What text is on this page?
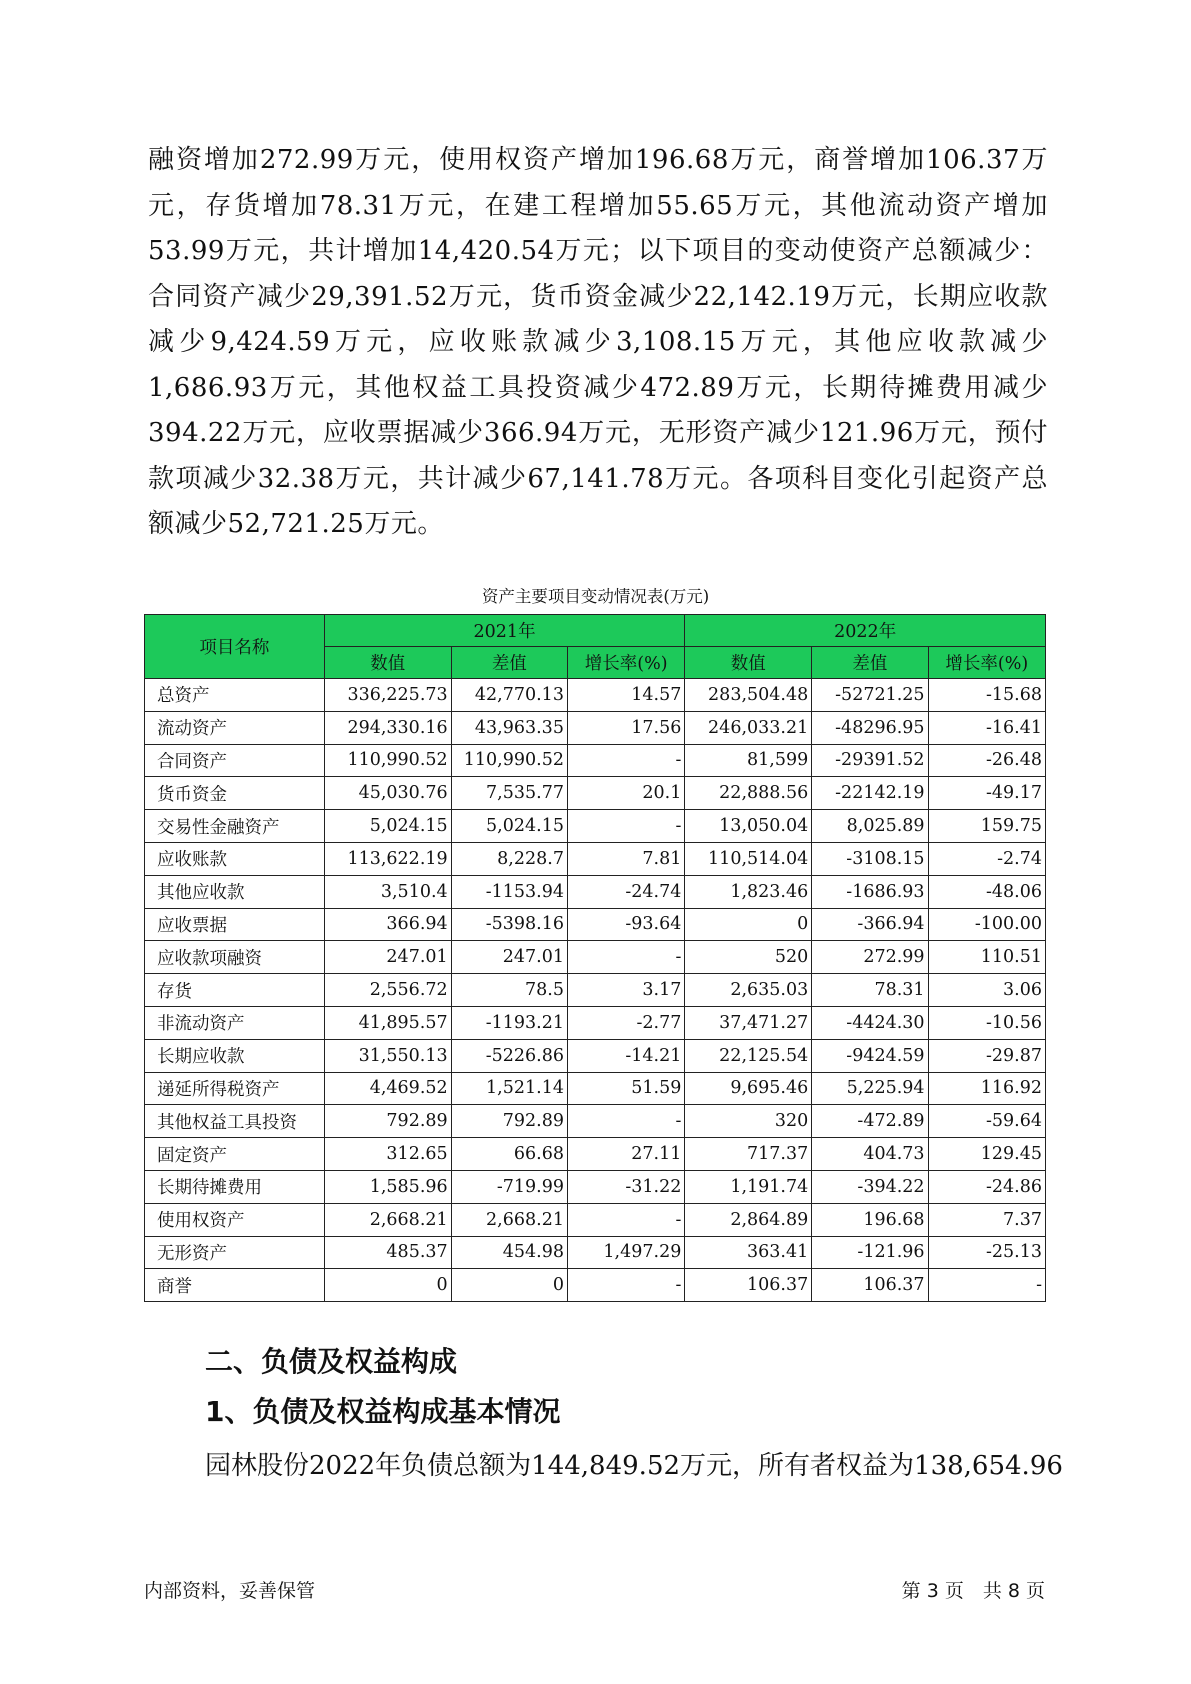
融资增加272.99万元，使用权资产增加196.68万元，商誉增加106.37万元，存货增加78.31万元，在建工程增加55.65万元，其他流动资产增加53.99万元，共计增加14,420.54万元；以下项目的变动使资产总额减少：合同资产减少29,391.52万元，货币资金减少22,142.19万元，长期应收款减少9,424.59万元，应收账款减少3,108.15万元，其他应收款减少1,686.93万元，其他权益工具投资减少472.89万元，长期待摊费用减少394.22万元，应收票据减少366.94万元，无形资产减少121.96万元，预付款项减少32.38万元，共计减少67,141.78万元。各项科目变化引起资产总额减少52,721.25万元。

资产主要项目变动情况表(万元)
项目名称	2021年			2022年		
	数值	差值	增长率(%)	数值	差值	增长率(%)
总资产	336,225.73	42,770.13	14.57	283,504.48	-52721.25	-15.68
流动资产	294,330.16	43,963.35	17.56	246,033.21	-48296.95	-16.41
合同资产	110,990.52	110,990.52	-	81,599	-29391.52	-26.48
货币资金	45,030.76	7,535.77	20.1	22,888.56	-22142.19	-49.17
交易性金融资产	5,024.15	5,024.15	-	13,050.04	8,025.89	159.75
应收账款	113,622.19	8,228.7	7.81	110,514.04	-3108.15	-2.74
其他应收款	3,510.4	-1153.94	-24.74	1,823.46	-1686.93	-48.06
应收票据	366.94	-5398.16	-93.64	0	-366.94	-100.00
应收款项融资	247.01	247.01	-	520	272.99	110.51
存货	2,556.72	78.5	3.17	2,635.03	78.31	3.06
非流动资产	41,895.57	-1193.21	-2.77	37,471.27	-4424.30	-10.56
长期应收款	31,550.13	-5226.86	-14.21	22,125.54	-9424.59	-29.87
递延所得税资产	4,469.52	1,521.14	51.59	9,695.46	5,225.94	116.92
其他权益工具投资	792.89	792.89	-	320	-472.89	-59.64
固定资产	312.65	66.68	27.11	717.37	404.73	129.45
长期待摊费用	1,585.96	-719.99	-31.22	1,191.74	-394.22	-24.86
使用权资产	2,668.21	2,668.21	-	2,864.89	196.68	7.37
无形资产	485.37	454.98	1,497.29	363.41	-121.96	-25.13
商誉	0	0	-	106.37	106.37	-
二、负债及权益构成
1、负债及权益构成基本情况

园林股份2022年负债总额为144,849.52万元，所有者权益为138,654.96

内部资料，妥善保管	第 3 页　共 8 页
